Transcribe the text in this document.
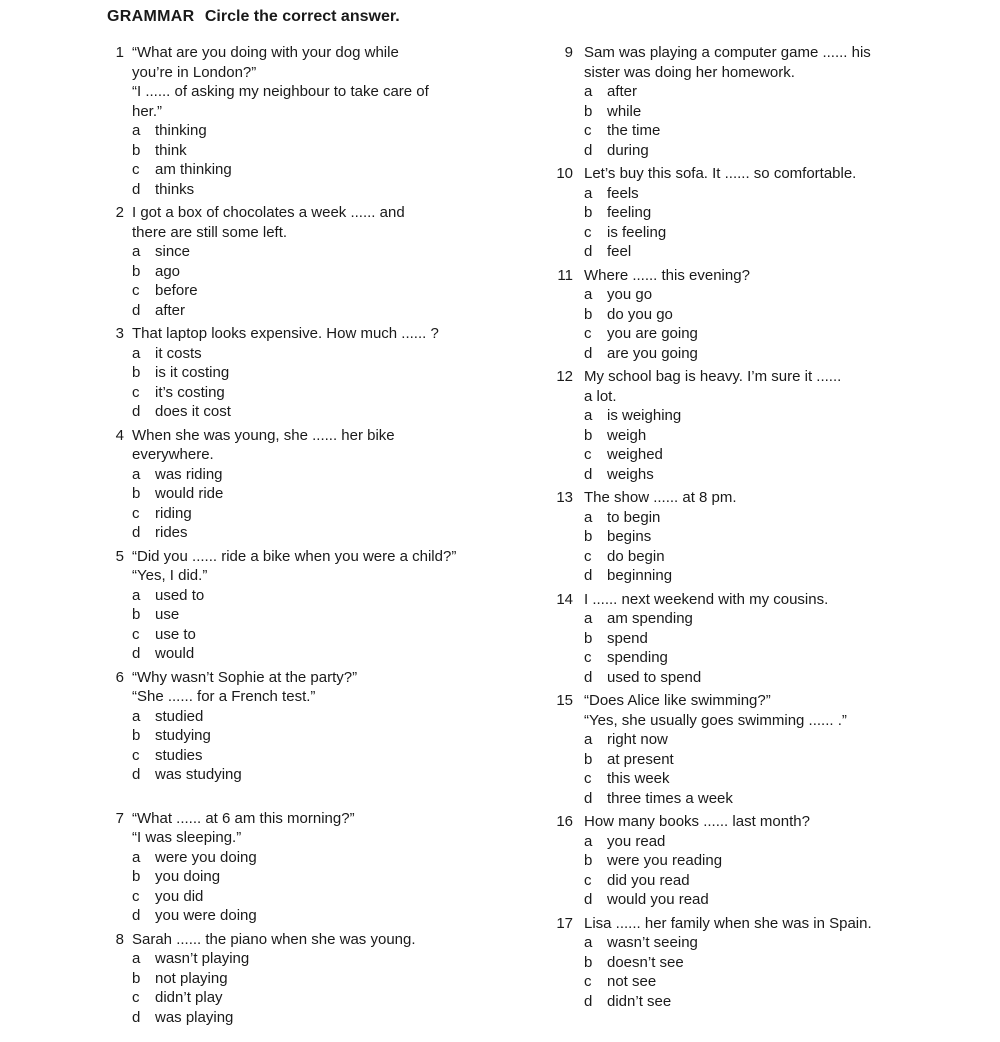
GRAMMAR Circle the correct answer.
1 “What are you doing with your dog while
you’re in London?”
“I ...... of asking my neighbour to take care of
her.”
a thinking
b think
c am thinking
d thinks
2 I got a box of chocolates a week ...... and
there are still some left.
a since
b ago
c before
d after
3 That laptop looks expensive. How much ...... ?
a it costs
b is it costing
c it’s costing
d does it cost
4 When she was young, she ...... her bike
everywhere.
a was riding
b would ride
c riding
d rides
5 “Did you ...... ride a bike when you were a child?”
“Yes, I did.”
a used to
b use
c use to
d would
6 “Why wasn’t Sophie at the party?”
“She ...... for a French test.”
a studied
b studying
c studies
d was studying
7 “What ...... at 6 am this morning?”
“I was sleeping.”
a were you doing
b you doing
c you did
d you were doing
8 Sarah ...... the piano when she was young.
a wasn’t playing
b not playing
c didn’t play
d was playing
9 Sam was playing a computer game ...... his
sister was doing her homework.
a after
b while
c the time
d during
10 Let’s buy this sofa. It ...... so comfortable.
a feels
b feeling
c is feeling
d feel
11 Where ...... this evening?
a you go
b do you go
c you are going
d are you going
12 My school bag is heavy. I’m sure it ......
a lot.
a is weighing
b weigh
c weighed
d weighs
13 The show ...... at 8 pm.
a to begin
b begins
c do begin
d beginning
14 I ...... next weekend with my cousins.
a am spending
b spend
c spending
d used to spend
15 “Does Alice like swimming?”
“Yes, she usually goes swimming ...... .”
a right now
b at present
c this week
d three times a week
16 How many books ...... last month?
a you read
b were you reading
c did you read
d would you read
17 Lisa ...... her family when she was in Spain.
a wasn’t seeing
b doesn’t see
c not see
d didn’t see
